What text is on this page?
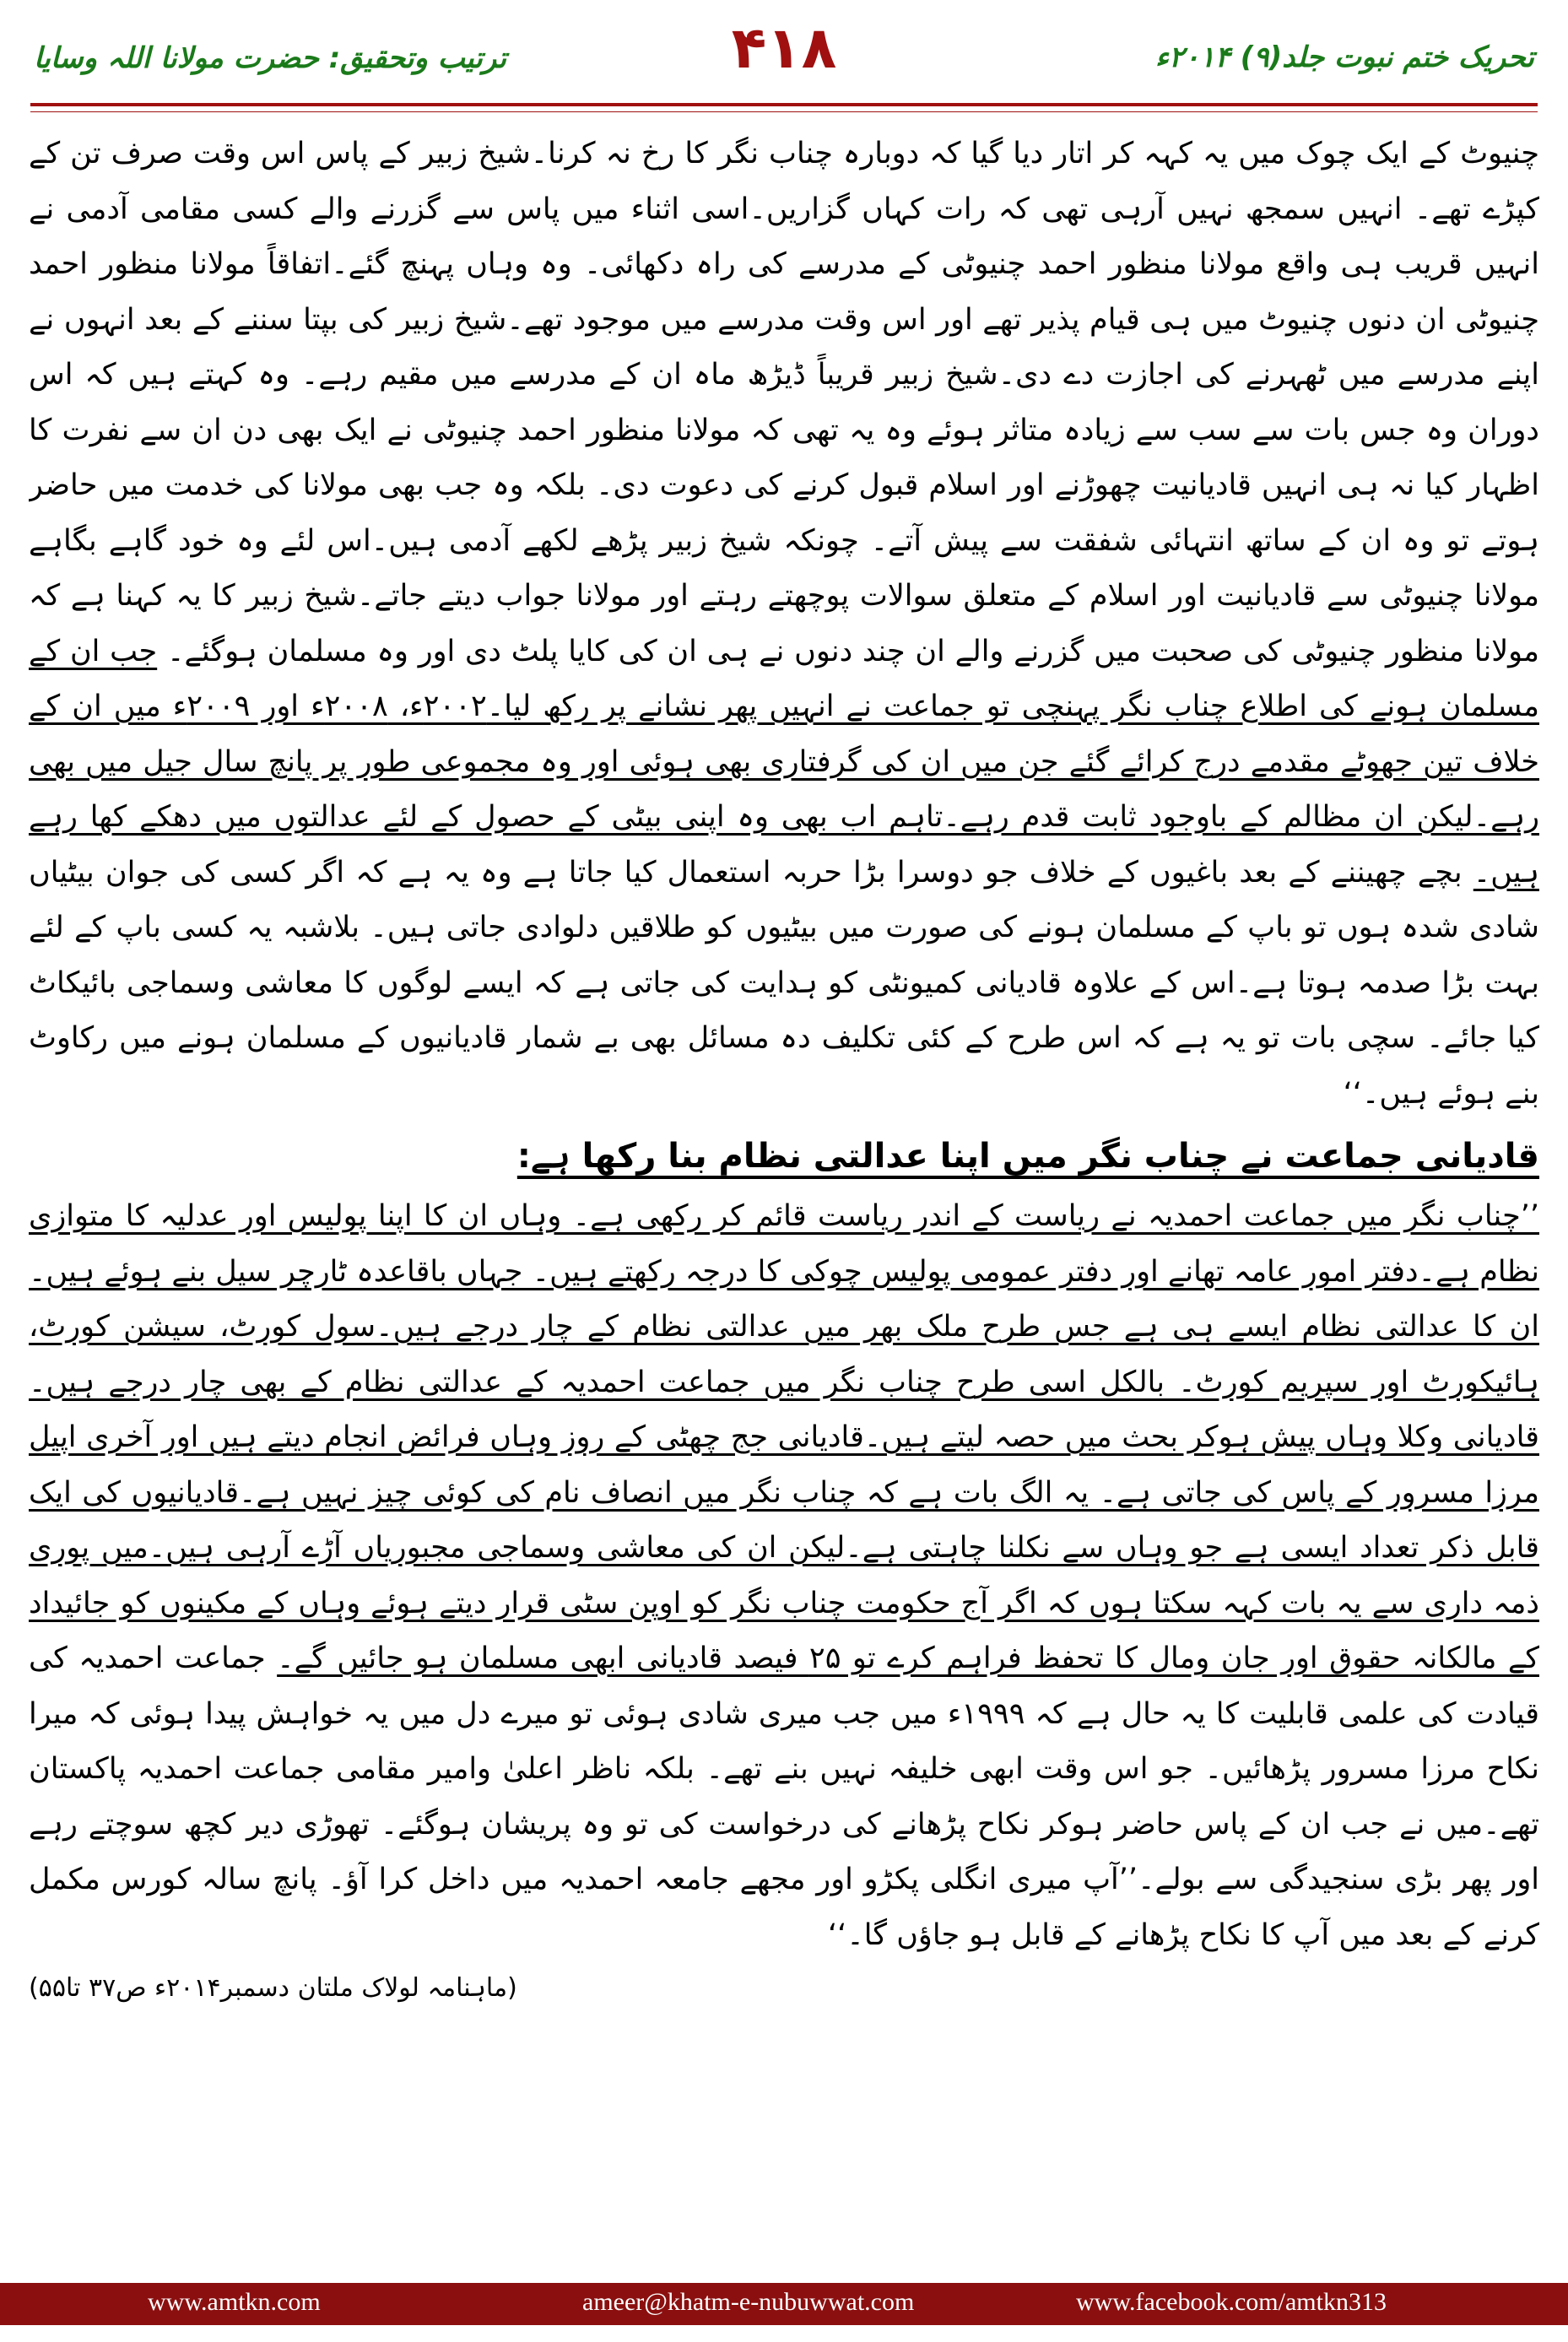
تحریک ختم نبوت جلد(۹) ۲۰۱۴ء
۴۱۸
ترتیب وتحقیق: حضرت مولانا اللہ وسایا

چنیوٹ کے ایک چوک میں یہ کہہ کر اتار دیا گیا کہ دوبارہ چناب نگر کا رخ نہ کرنا۔شیخ زبیر کے پاس اس وقت صرف تن کے کپڑے تھے۔ انہیں سمجھ نہیں آرہی تھی کہ رات کہاں گزاریں۔اسی اثناء میں پاس سے گزرنے والے کسی مقامی آدمی نے انہیں قریب ہی واقع مولانا منظور احمد چنیوٹی کے مدرسے کی راہ دکھائی۔ وہ وہاں پہنچ گئے۔اتفاقاً مولانا منظور احمد چنیوٹی ان دنوں چنیوٹ میں ہی قیام پذیر تھے اور اس وقت مدرسے میں موجود تھے۔شیخ زبیر کی بپتا سننے کے بعد انہوں نے اپنے مدرسے میں ٹھہرنے کی اجازت دے دی۔شیخ زبیر قریباً ڈیڑھ ماہ ان کے مدرسے میں مقیم رہے۔ وہ کہتے ہیں کہ اس دوران وہ جس بات سے سب سے زیادہ متاثر ہوئے وہ یہ تھی کہ مولانا منظور احمد چنیوٹی نے ایک بھی دن ان سے نفرت کا اظہار کیا نہ ہی انہیں قادیانیت چھوڑنے اور اسلام قبول کرنے کی دعوت دی۔ بلکہ وہ جب بھی مولانا کی خدمت میں حاضر ہوتے تو وہ ان کے ساتھ انتہائی شفقت سے پیش آتے۔ چونکہ شیخ زبیر پڑھے لکھے آدمی ہیں۔اس لئے وہ خود گاہے بگاہے مولانا چنیوٹی سے قادیانیت اور اسلام کے متعلق سوالات پوچھتے رہتے اور مولانا جواب دیتے جاتے۔شیخ زبیر کا یہ کہنا ہے کہ مولانا منظور چنیوٹی کی صحبت میں گزرنے والے ان چند دنوں نے ہی ان کی کایا پلٹ دی اور وہ مسلمان ہوگئے۔ جب ان کے مسلمان ہونے کی اطلاع چناب نگر پہنچی تو جماعت نے انہیں پھر نشانے پر رکھ لیا۔۲۰۰۲ء، ۲۰۰۸ء اور ۲۰۰۹ء میں ان کے خلاف تین جھوٹے مقدمے درج کرائے گئے جن میں ان کی گرفتاری بھی ہوئی اور وہ مجموعی طور پر پانچ سال جیل میں بھی رہے۔لیکن ان مظالم کے باوجود ثابت قدم رہے۔تاہم اب بھی وہ اپنی بیٹی کے حصول کے لئے عدالتوں میں دھکے کھا رہے ہیں۔ بچے چھیننے کے بعد باغیوں کے خلاف جو دوسرا بڑا حربہ استعمال کیا جاتا ہے وہ یہ ہے کہ اگر کسی کی جوان بیٹیاں شادی شدہ ہوں تو باپ کے مسلمان ہونے کی صورت میں بیٹیوں کو طلاقیں دلوادی جاتی ہیں۔ بلاشبہ یہ کسی باپ کے لئے بہت بڑا صدمہ ہوتا ہے۔اس کے علاوہ قادیانی کمیونٹی کو ہدایت کی جاتی ہے کہ ایسے لوگوں کا معاشی وسماجی بائیکاٹ کیا جائے۔ سچی بات تو یہ ہے کہ اس طرح کے کئی تکلیف دہ مسائل بھی بے شمار قادیانیوں کے مسلمان ہونے میں رکاوٹ بنے ہوئے ہیں۔‘‘

قادیانی جماعت نے چناب نگر میں اپنا عدالتی نظام بنا رکھا ہے:

’’چناب نگر میں جماعت احمدیہ نے ریاست کے اندر ریاست قائم کر رکھی ہے۔ وہاں ان کا اپنا پولیس اور عدلیہ کا متوازی نظام ہے۔دفتر امور عامہ تھانے اور دفتر عمومی پولیس چوکی کا درجہ رکھتے ہیں۔ جہاں باقاعدہ ٹارچر سیل بنے ہوئے ہیں۔ان کا عدالتی نظام ایسے ہی ہے جس طرح ملک بھر میں عدالتی نظام کے چار درجے ہیں۔سول کورٹ، سیشن کورٹ، ہائیکورٹ اور سپریم کورٹ۔ بالکل اسی طرح چناب نگر میں جماعت احمدیہ کے عدالتی نظام کے بھی چار درجے ہیں۔قادیانی وکلا وہاں پیش ہوکر بحث میں حصہ لیتے ہیں۔قادیانی جج چھٹی کے روز وہاں فرائض انجام دیتے ہیں اور آخری اپیل مرزا مسرور کے پاس کی جاتی ہے۔ یہ الگ بات ہے کہ چناب نگر میں انصاف نام کی کوئی چیز نہیں ہے۔قادیانیوں کی ایک قابل ذکر تعداد ایسی ہے جو وہاں سے نکلنا چاہتی ہے۔لیکن ان کی معاشی وسماجی مجبوریاں آڑے آرہی ہیں۔میں پوری ذمہ داری سے یہ بات کہہ سکتا ہوں کہ اگر آج حکومت چناب نگر کو اوپن سٹی قرار دیتے ہوئے وہاں کے مکینوں کو جائیداد کے مالکانہ حقوق اور جان ومال کا تحفظ فراہم کرے تو ۲۵ فیصد قادیانی ابھی مسلمان ہو جائیں گے۔ جماعت احمدیہ کی قیادت کی علمی قابلیت کا یہ حال ہے کہ ۱۹۹۹ء میں جب میری شادی ہوئی تو میرے دل میں یہ خواہش پیدا ہوئی کہ میرا نکاح مرزا مسرور پڑھائیں۔ جو اس وقت ابھی خلیفہ نہیں بنے تھے۔ بلکہ ناظر اعلیٰ وامیر مقامی جماعت احمدیہ پاکستان تھے۔میں نے جب ان کے پاس حاضر ہوکر نکاح پڑھانے کی درخواست کی تو وہ پریشان ہوگئے۔ تھوڑی دیر کچھ سوچتے رہے اور پھر بڑی سنجیدگی سے بولے۔’’آپ میری انگلی پکڑو اور مجھے جامعہ احمدیہ میں داخل کرا آؤ۔ پانچ سالہ کورس مکمل کرنے کے بعد میں آپ کا نکاح پڑھانے کے قابل ہو جاؤں گا۔‘‘

(ماہنامہ لولاک ملتان دسمبر۲۰۱۴ء ص۳۷ تا۵۵)
www.amtkn.com	ameer@khatm-e-nubuwwat.com	www.facebook.com/amtkn313
